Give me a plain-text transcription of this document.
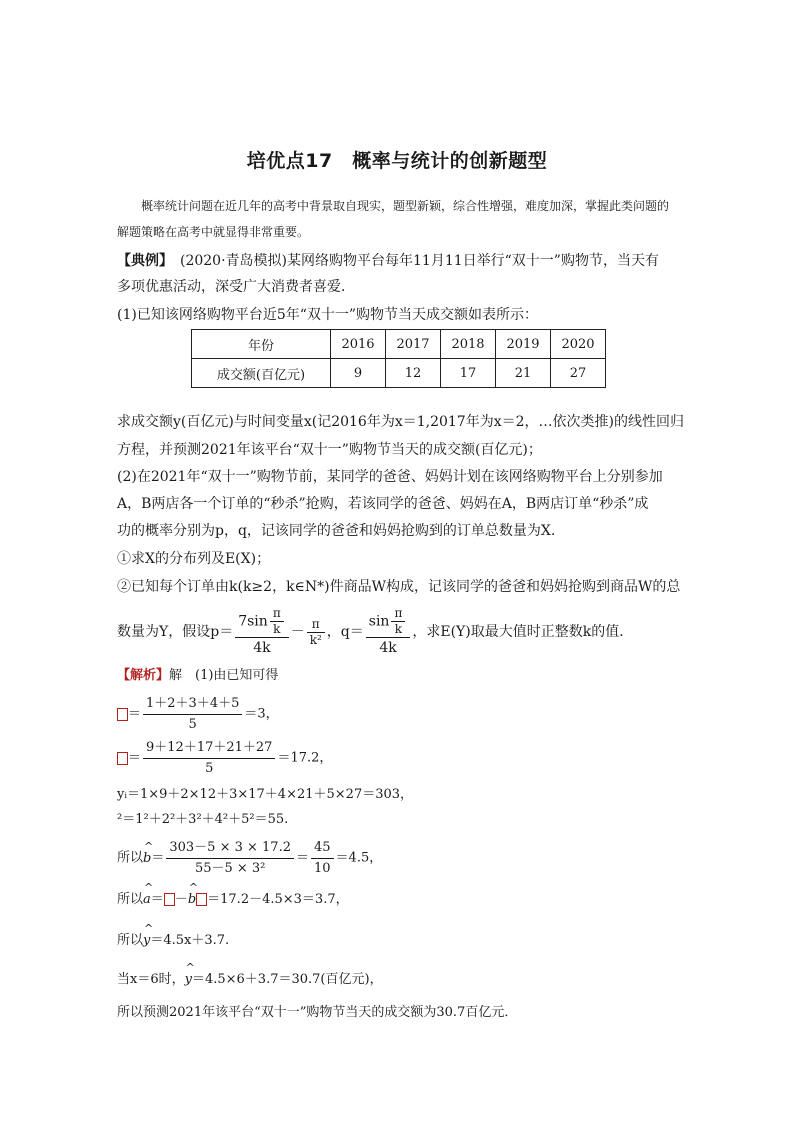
培优点17　概率与统计的创新题型
概率统计问题在近几年的高考中背景取自现实，题型新颖，综合性增强，难度加深，掌握此类问题的解题策略在高考中就显得非常重要。
【典例】　(2020·青岛模拟)某网络购物平台每年11月11日举行“双十一”购物节，当天有
多项优惠活动，深受广大消费者喜爱．
(1)已知该网络购物平台近5年“双十一”购物节当天成交额如表所示：
年份	2016	2017	2018	2019	2020
成交额(百亿元)	9	12	17	21	27
求成交额y(百亿元)与时间变量x(记2016年为x＝1,2017年为x＝2，…依次类推)的线性回归
方程，并预测2021年该平台“双十一”购物节当天的成交额(百亿元)；
(2)在2021年“双十一”购物节前，某同学的爸爸、妈妈计划在该网络购物平台上分别参加
A，B两店各一个订单的“秒杀”抢购，若该同学的爸爸、妈妈在A，B两店订单“秒杀”成
功的概率分别为p，q，记该同学的爸爸和妈妈抢购到的订单总数量为X.
①求X的分布列及E(X)；
②已知每个订单由k(k≥2，k∈N*)件商品W构成，记该同学的爸爸和妈妈抢购到商品W的总
数量为Y，假设$p= \frac{7\sin \frac{\pi}{k}}{4k} - \frac{\pi}{\text{k²}}$ ，$q= \frac{\sin \frac{\pi}{k}}{4k}$ ，求E(Y)取最大值时正整数k的值．
【解析】解　(1)由已知可得
＝ $\frac{1+2+3+4+5}{5} =3$，
＝ $\frac{9+12+17+21+27}{5} =17.2$，
yᵢ＝1×9＋2×12＋3×17＋4×21＋5×27＝303，
²＝1²＋2²＋3²＋4²＋5²＝55.
所以^ $b= \frac{303-5 \times 3 \times 17.2}{\text{55－5 × 3²}} = \frac{45}{10} =4.5$，
所以^ a＝ －^ b ＝17.2－4.5×3＝3.7，
所以^ y＝4.5x＋3.7.
当x＝6时，^ y＝4.5×6＋3.7＝30.7(百亿元)，
所以预测2021年该平台“双十一”购物节当天的成交额为30.7百亿元．
